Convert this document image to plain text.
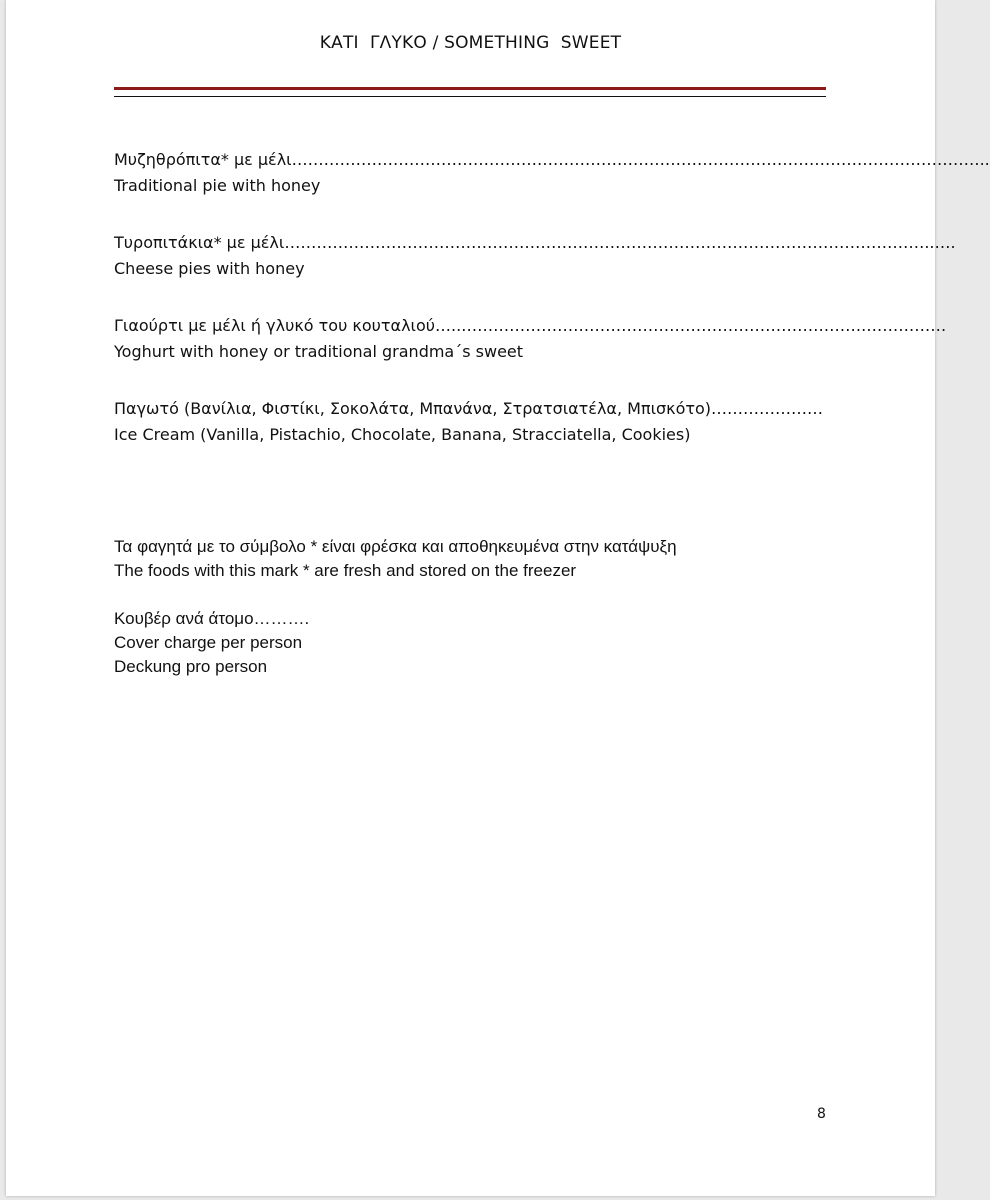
ΚΑΤΙ  ΓΛΥΚΟ / SOMETHING  SWEET
Μυζηθρόπιτα* με μέλι …………………………………………………………………………………………………………………..
Traditional pie with honey
Τυροπιτάκια* με μέλι …………………………………………………………………………………………………………..….
Cheese pies with honey
Γιαούρτι με μέλι ή γλυκό του κουταλιού …..………………………………………………………………….……………
Yoghurt with honey or traditional grandma΄s sweet
Παγωτό (Βανίλια, Φιστίκι, Σοκολάτα, Μπανάνα, Στρατσιατέλα, Μπισκότο) …………………
Ice Cream (Vanilla, Pistachio, Chocolate, Banana, Stracciatella, Cookies)
Τα φαγητά με το σύμβολο * είναι φρέσκα και αποθηκευμένα στην κατάψυξη
The foods with this mark * are fresh and stored on the freezer
Κουβέρ ανά άτομο……….
Cover charge per person
Deckung pro person
8
